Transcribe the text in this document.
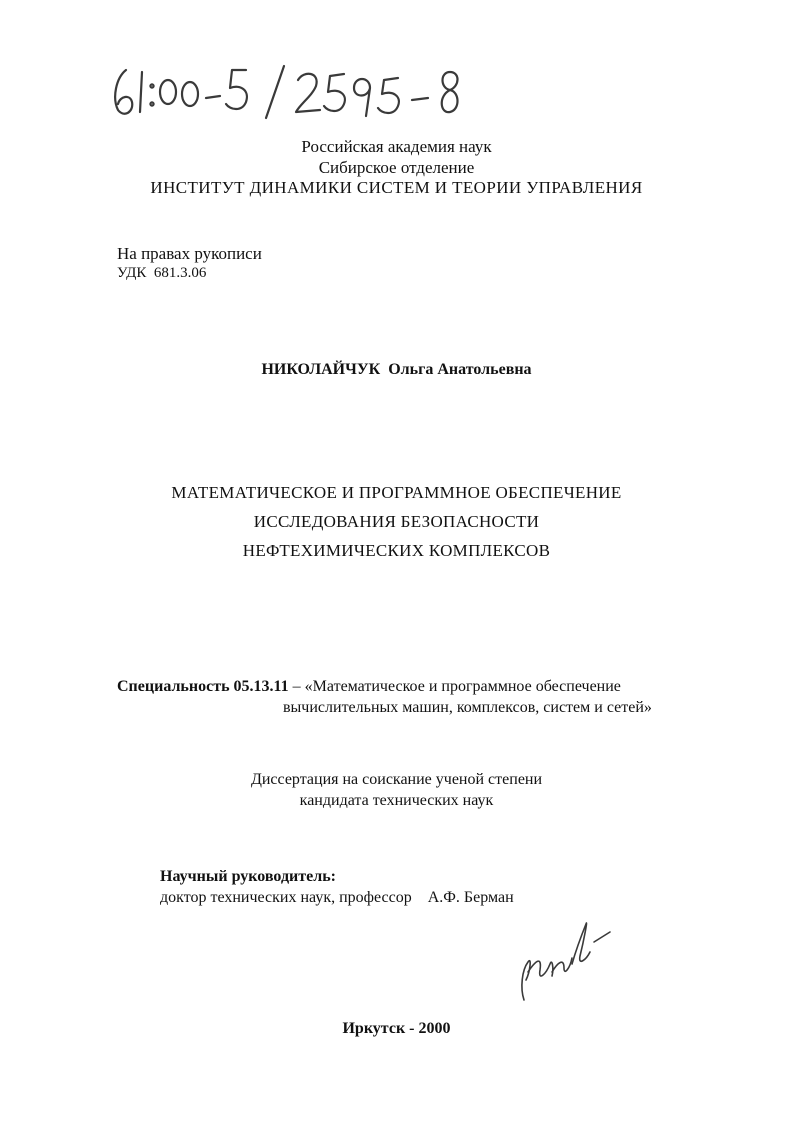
61:00-5/2595-8
Российская академия наук
Сибирское отделение
ИНСТИТУТ ДИНАМИКИ СИСТЕМ И ТЕОРИИ УПРАВЛЕНИЯ
На правах рукописи
УДК 681.3.06
НИКОЛАЙЧУК Ольга Анатольевна
МАТЕМАТИЧЕСКОЕ И ПРОГРАММНОЕ ОБЕСПЕЧЕНИЕ
ИССЛЕДОВАНИЯ БЕЗОПАСНОСТИ
НЕФТЕХИМИЧЕСКИХ КОМПЛЕКСОВ
Специальность 05.13.11 – «Математическое и программное обеспечение
вычислительных машин, комплексов, систем и сетей»
Диссертация на соискание ученой степени
кандидата технических наук
Научный руководитель:
доктор технических наук, профессор А.Ф. Берман
Иркутск - 2000
